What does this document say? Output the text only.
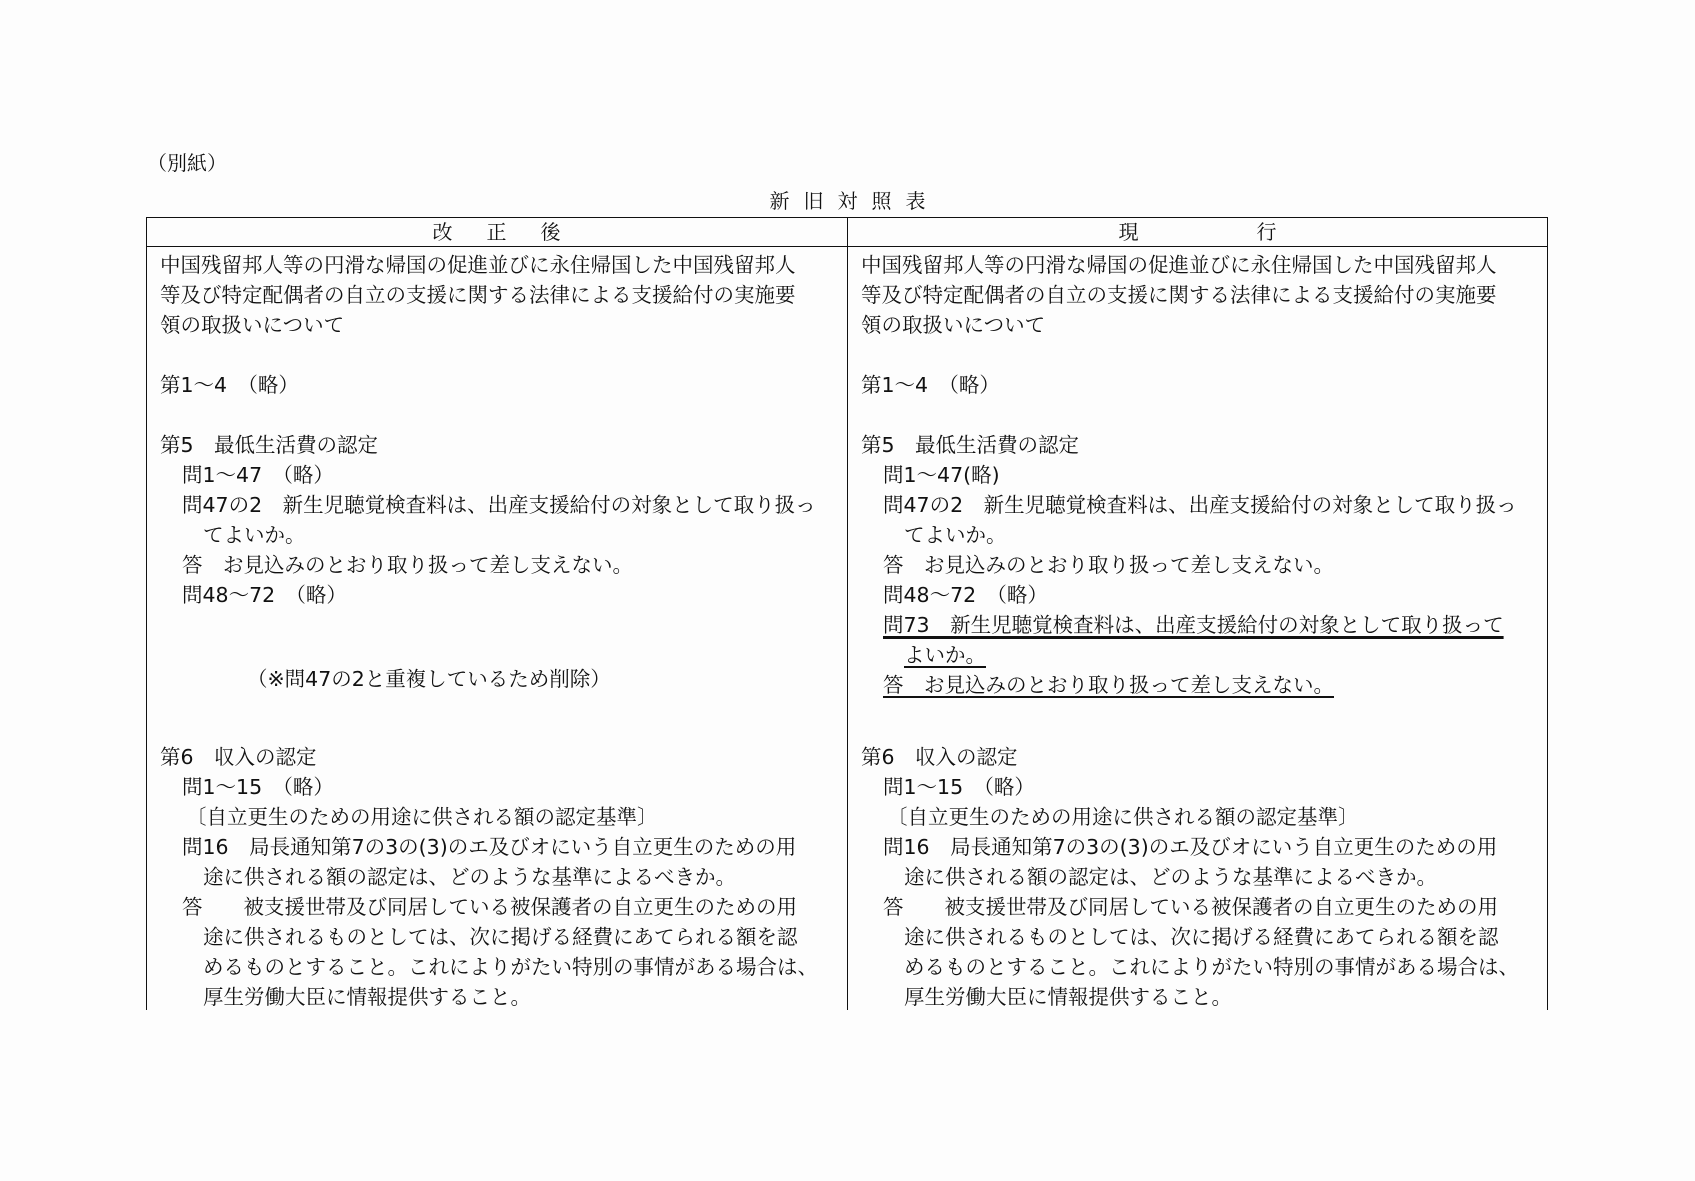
（別紙）
新旧対照表
改正後	現行
中国残留邦人等の円滑な帰国の促進並びに永住帰国した中国残留邦人
等及び特定配偶者の自立の支援に関する法律による支援給付の実施要
領の取扱いについて
第1～4　（略）
第5　最低生活費の認定
問1～47　（略）
問47の2　新生児聴覚検査料は、出産支援給付の対象として取り扱っ
てよいか。
答　お見込みのとおり取り扱って差し支えない。
問48～72　（略）
（※問47の2と重複しているため削除）
第6　収入の認定
問1～15　（略）
〔自立更生のための用途に供される額の認定基準〕
問16　局長通知第7の3の(3)のエ及びオにいう自立更生のための用
途に供される額の認定は、どのような基準によるべきか。
答　　被支援世帯及び同居している被保護者の自立更生のための用
途に供されるものとしては、次に掲げる経費にあてられる額を認
めるものとすること。これによりがたい特別の事情がある場合は、
厚生労働大臣に情報提供すること。
中国残留邦人等の円滑な帰国の促進並びに永住帰国した中国残留邦人
等及び特定配偶者の自立の支援に関する法律による支援給付の実施要
領の取扱いについて
第1～4　（略）
第5　最低生活費の認定
問1～47(略)
問47の2　新生児聴覚検査料は、出産支援給付の対象として取り扱っ
てよいか。
答　お見込みのとおり取り扱って差し支えない。
問48～72　（略）
問73　新生児聴覚検査料は、出産支援給付の対象として取り扱って
よいか。
答　お見込みのとおり取り扱って差し支えない。
第6　収入の認定
問1～15　（略）
〔自立更生のための用途に供される額の認定基準〕
問16　局長通知第7の3の(3)のエ及びオにいう自立更生のための用
途に供される額の認定は、どのような基準によるべきか。
答　　被支援世帯及び同居している被保護者の自立更生のための用
途に供されるものとしては、次に掲げる経費にあてられる額を認
めるものとすること。これによりがたい特別の事情がある場合は、
厚生労働大臣に情報提供すること。
